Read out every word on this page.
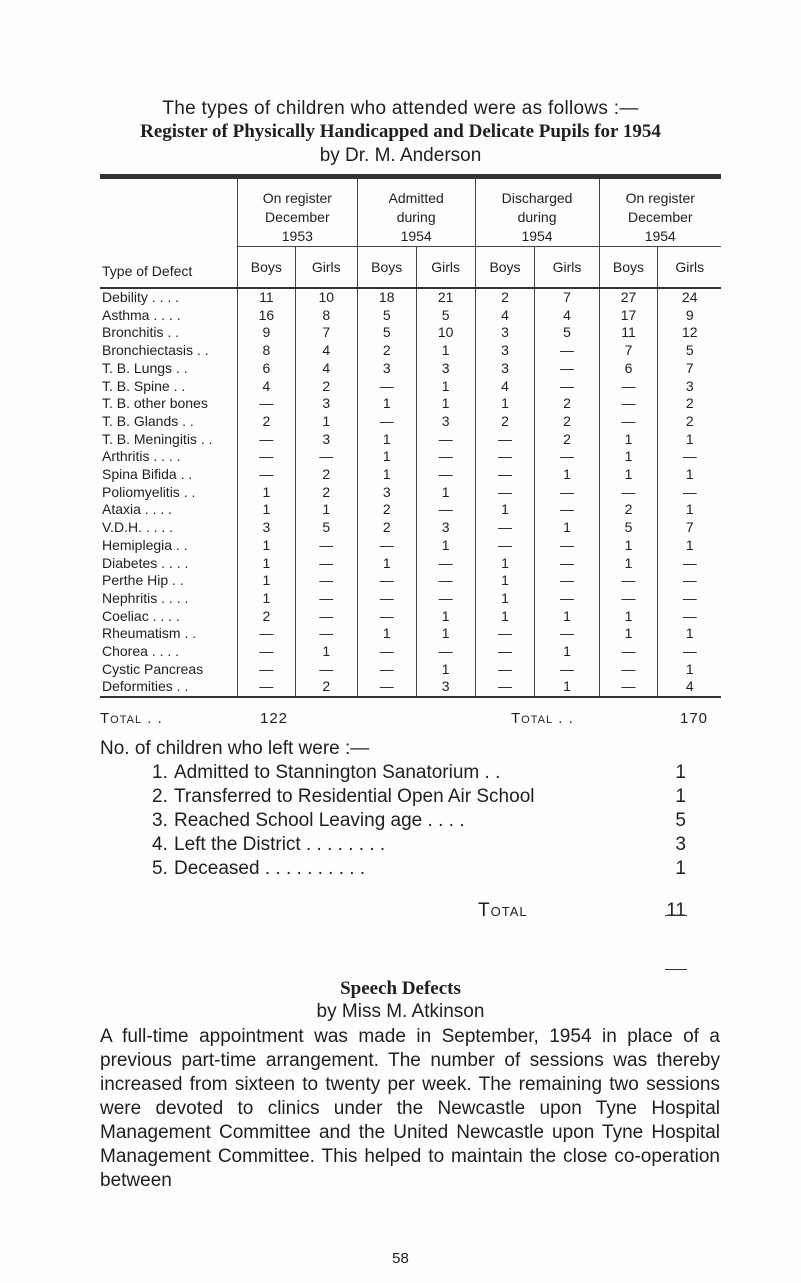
The types of children who attended were as follows :—
Register of Physically Handicapped and Delicate Pupils for 1954
by Dr. M. Anderson
Type of Defect	On register
December
1953		Admitted
during
1954		Discharged
during
1954		On register
December
1954	
	Boys	Girls	Boys	Girls	Boys	Girls	Boys	Girls
Debility . . . .	11	10	18	21	2	7	27	24
Asthma . . . .	16	8	5	5	4	4	17	9
Bronchitis . .	9	7	5	10	3	5	11	12
Bronchiectasis . .	8	4	2	1	3	—	7	5
T. B. Lungs . .	6	4	3	3	3	—	6	7
T. B. Spine . .	4	2	—	1	4	—	—	3
T. B. other bones	—	3	1	1	1	2	—	2
T. B. Glands . .	2	1	—	3	2	2	—	2
T. B. Meningitis . .	—	3	1	—	—	2	1	1
Arthritis . . . .	—	—	1	—	—	—	1	—
Spina Bifida . .	—	2	1	—	—	1	1	1
Poliomyelitis . .	1	2	3	1	—	—	—	—
Ataxia . . . .	1	1	2	—	1	—	2	1
V.D.H. . . . .	3	5	2	3	—	1	5	7
Hemiplegia . .	1	—	—	1	—	—	1	1
Diabetes . . . .	1	—	1	—	1	—	1	—
Perthe Hip . .	1	—	—	—	1	—	—	—
Nephritis . . . .	1	—	—	—	1	—	—	—
Coeliac . . . .	2	—	—	1	1	1	1	—
Rheumatism . .	—	—	1	1	—	—	1	1
Chorea . . . .	—	1	—	—	—	1	—	—
Cystic Pancreas	—	—	—	1	—	—	—	1
Deformities . .	—	2	—	3	—	1	—	4
Total . .	122	Total . .	170
No. of children who left were :—
1. Admitted to Stannington Sanatorium . .	1
2. Transferred to Residential Open Air School	1
3. Reached School Leaving age . . . .	5
4. Left the District . . . . . . . .	3
5. Deceased . . . . . . . . . .	1
Total	11
Speech Defects
by Miss M. Atkinson
A full-time appointment was made in September, 1954 in place of a previous part-time arrangement. The number of sessions was thereby increased from sixteen to twenty per week. The remaining two sessions were devoted to clinics under the Newcastle upon Tyne Hospital Management Committee and the United Newcastle upon Tyne Hospital Management Committee. This helped to maintain the close co-operation between
58
